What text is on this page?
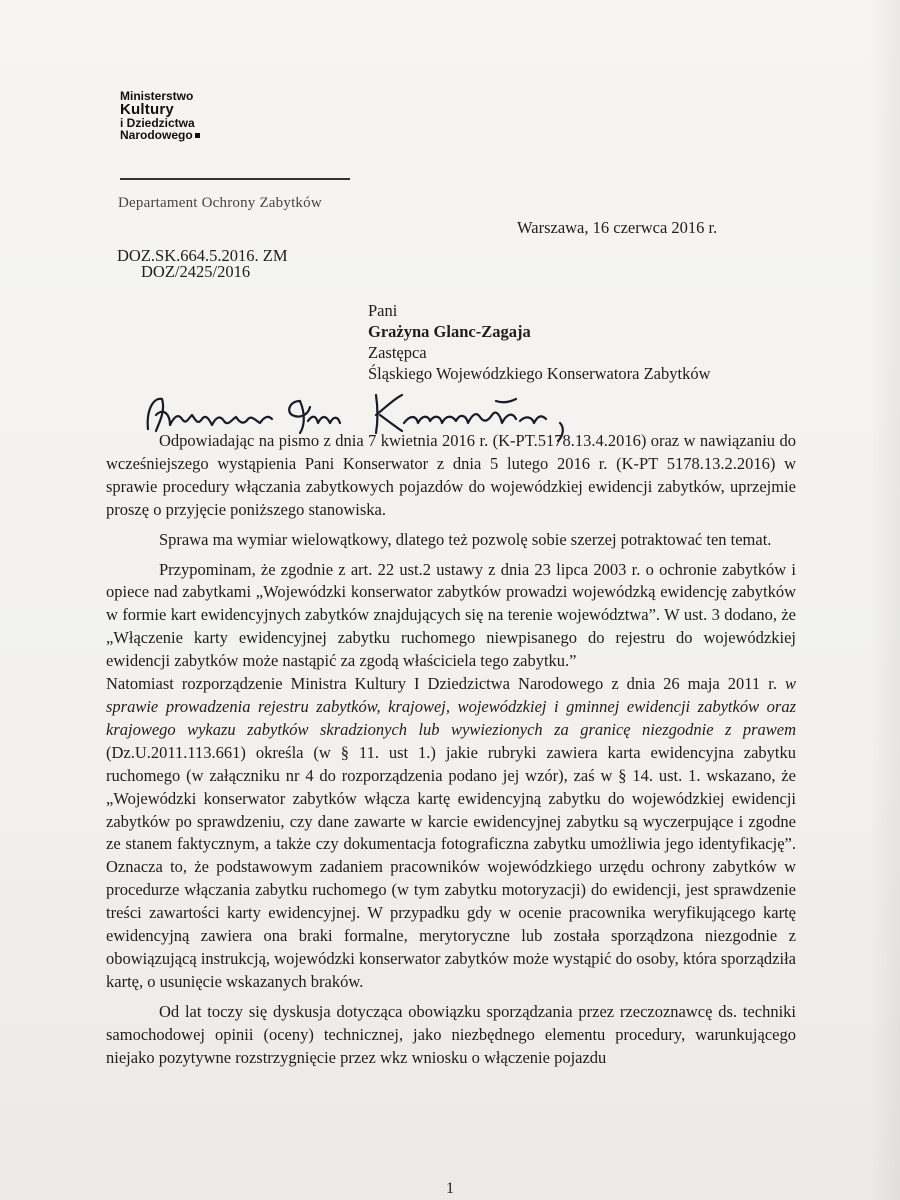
Ministerstwo
Kultury
i Dziedzictwa
Narodowego
Departament Ochrony Zabytków
Warszawa, 16 czerwca 2016 r.
DOZ.SK.664.5.2016. ZM
DOZ/2425/2016
Pani
Grażyna Glanc-Zagaja
Zastępca
Śląskiego Wojewódzkiego Konserwatora Zabytków

Odpowiadając na pismo z dnia 7 kwietnia 2016 r. (K-PT.5178.13.4.2016) oraz w nawiązaniu do wcześniejszego wystąpienia Pani Konserwator z dnia 5 lutego 2016 r. (K-PT 5178.13.2.2016) w sprawie procedury włączania zabytkowych pojazdów do wojewódzkiej ewidencji zabytków, uprzejmie proszę o przyjęcie poniższego stanowiska.

Sprawa ma wymiar wielowątkowy, dlatego też pozwolę sobie szerzej potraktować ten temat.

Przypominam, że zgodnie z art. 22 ust.2 ustawy z dnia 23 lipca 2003 r. o ochronie zabytków i opiece nad zabytkami „Wojewódzki konserwator zabytków prowadzi wojewódzką ewidencję zabytków w formie kart ewidencyjnych zabytków znajdujących się na terenie województwa”. W ust. 3 dodano, że „Włączenie karty ewidencyjnej zabytku ruchomego niewpisanego do rejestru do wojewódzkiej ewidencji zabytków może nastąpić za zgodą właściciela tego zabytku.”

Natomiast rozporządzenie Ministra Kultury I Dziedzictwa Narodowego z dnia 26 maja 2011 r. w sprawie prowadzenia rejestru zabytków, krajowej, wojewódzkiej i gminnej ewidencji zabytków oraz krajowego wykazu zabytków skradzionych lub wywiezionych za granicę niezgodnie z prawem (Dz.U.2011.113.661) określa (w § 11. ust 1.) jakie rubryki zawiera karta ewidencyjna zabytku ruchomego (w załączniku nr 4 do rozporządzenia podano jej wzór), zaś w § 14. ust. 1. wskazano, że „Wojewódzki konserwator zabytków włącza kartę ewidencyjną zabytku do wojewódzkiej ewidencji zabytków po sprawdzeniu, czy dane zawarte w karcie ewidencyjnej zabytku są wyczerpujące i zgodne ze stanem faktycznym, a także czy dokumentacja fotograficzna zabytku umożliwia jego identyfikację”. Oznacza to, że podstawowym zadaniem pracowników wojewódzkiego urzędu ochrony zabytków w procedurze włączania zabytku ruchomego (w tym zabytku motoryzacji) do ewidencji, jest sprawdzenie treści zawartości karty ewidencyjnej. W przypadku gdy w ocenie pracownika weryfikującego kartę ewidencyjną zawiera ona braki formalne, merytoryczne lub została sporządzona niezgodnie z obowiązującą instrukcją, wojewódzki konserwator zabytków może wystąpić do osoby, która sporządziła kartę, o usunięcie wskazanych braków.

Od lat toczy się dyskusja dotycząca obowiązku sporządzania przez rzeczoznawcę ds. techniki samochodowej opinii (oceny) technicznej, jako niezbędnego elementu procedury, warunkującego niejako pozytywne rozstrzygnięcie przez wkz wniosku o włączenie pojazdu

1
